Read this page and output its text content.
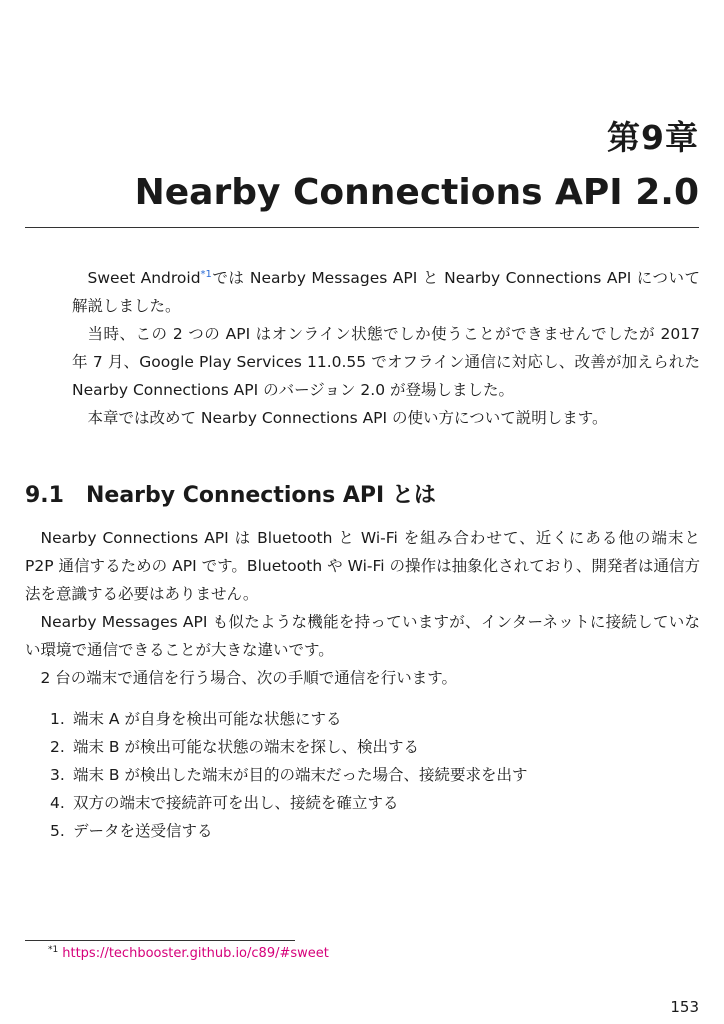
第9章
Nearby Connections API 2.0

Sweet Android$^{*1}$では Nearby Messages API と Nearby Connections API について解説しました。

当時、この 2 つの API はオンライン状態でしか使うことができませんでしたが 2017 年 7 月、Google Play Services 11.0.55 でオフライン通信に対応し、改善が加えられた Nearby Connections API のバージョン 2.0 が登場しました。

本章では改めて Nearby Connections API の使い方について説明します。

9.1 Nearby Connections API とは

Nearby Connections API は Bluetooth と Wi-Fi を組み合わせて、近くにある他の端末と P2P 通信するための API です。Bluetooth や Wi-Fi の操作は抽象化されており、開発者は通信方法を意識する必要はありません。

Nearby Messages API も似たような機能を持っていますが、インターネットに接続していない環境で通信できることが大きな違いです。

2 台の端末で通信を行う場合、次の手順で通信を行います。

1. 端末 A が自身を検出可能な状態にする
2. 端末 B が検出可能な状態の端末を探し、検出する
3. 端末 B が検出した端末が目的の端末だった場合、接続要求を出す
4. 双方の端末で接続許可を出し、接続を確立する
5. データを送受信する
$^{*1}$ https://techbooster.github.io/c89/#sweet
153
